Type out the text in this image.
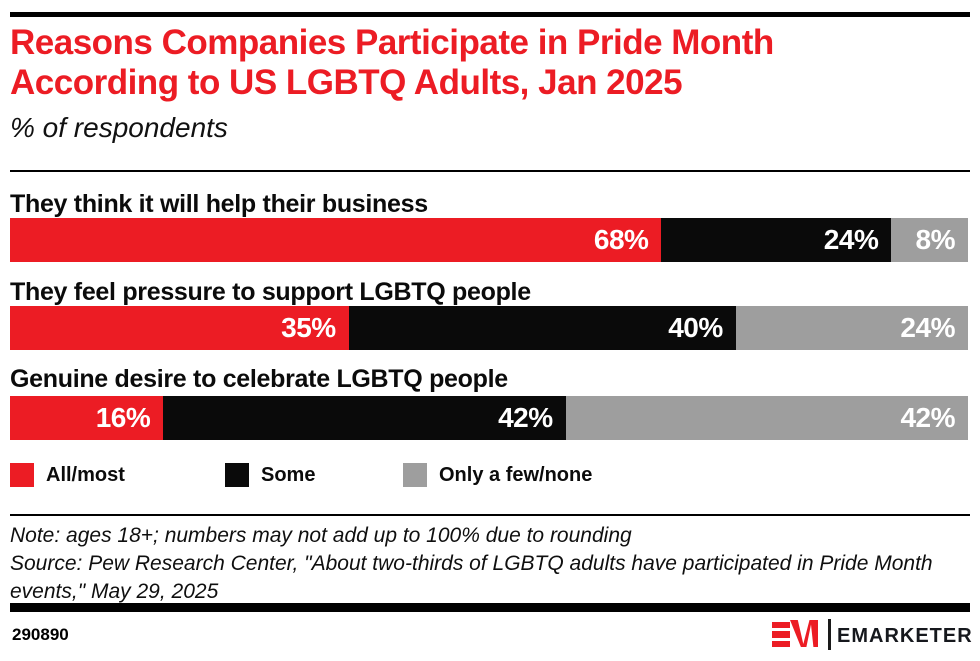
Reasons Companies Participate in Pride Month
According to US LGBTQ Adults, Jan 2025
% of respondents
They think it will help their business
68%	24% 8%
They feel pressure to support LGBTQ people
35%	40%	24%
Genuine desire to celebrate LGBTQ people
16%	42%	42%
All/most	Some	Only a few/none
Note: ages 18+; numbers may not add up to 100% due to rounding
Source: Pew Research Center, "About two-thirds of LGBTQ adults have participated in Pride Month events," May 29, 2025
290890	EMARKETER
